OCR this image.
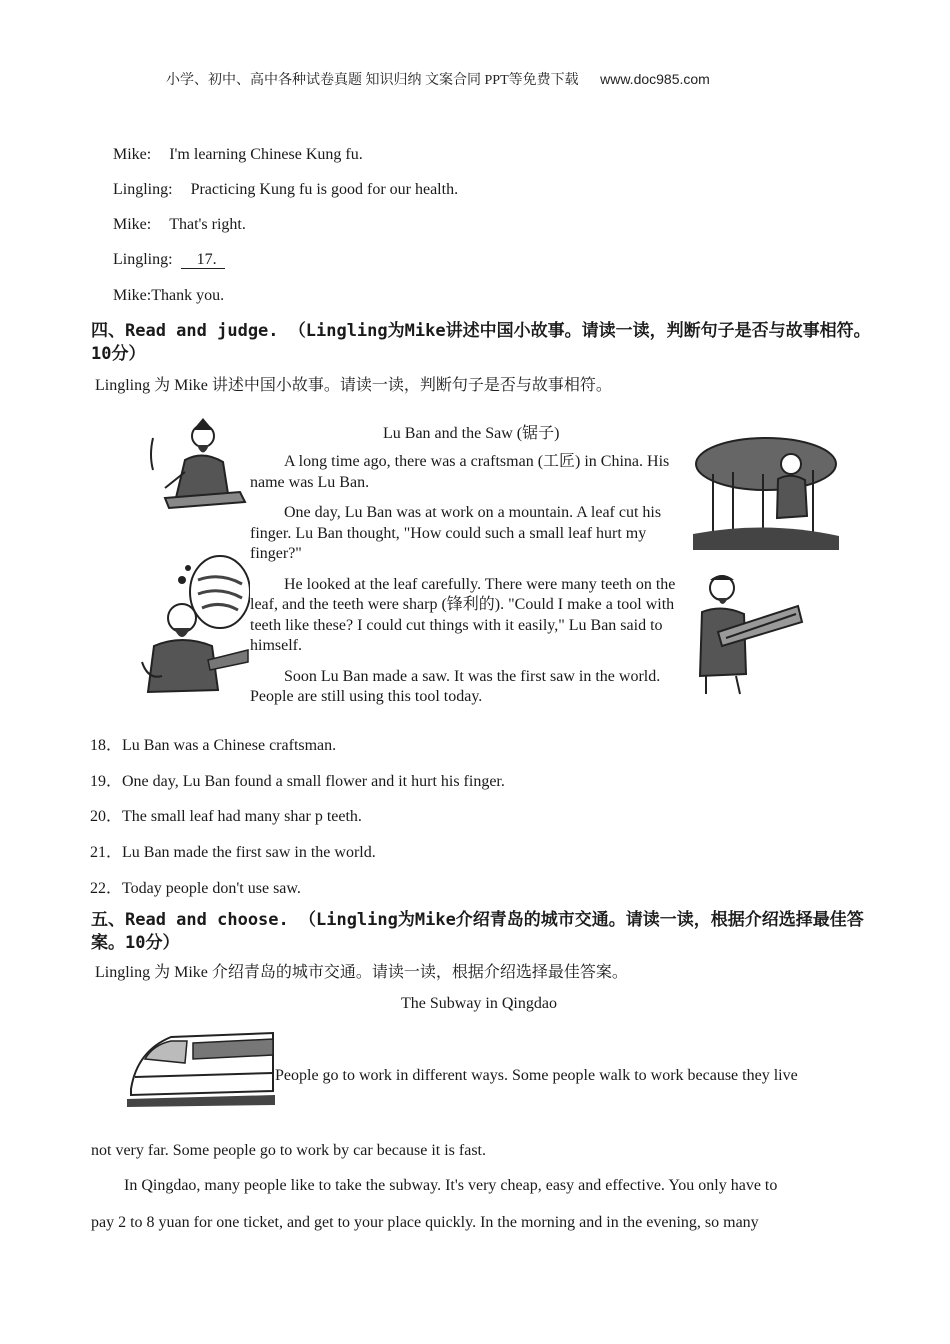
小学、初中、高中各种试卷真题 知识归纳 文案合同 PPT等免费下载 www.doc985.com
Mike: I'm learning Chinese Kung fu.
Lingling: Practicing Kung fu is good for our health.
Mike: That's right.
Lingling: 17.
Mike:Thank you.
四、Read and judge. （Lingling为Mike讲述中国小故事。请读一读，判断句子是否与故事相符。10分）
Lingling 为 Mike 讲述中国小故事。请读一读，判断句子是否与故事相符。
Lu Ban and the Saw (锯子)

A long time ago, there was a craftsman (工匠) in China. His name was Lu Ban.

One day, Lu Ban was at work on a mountain. A leaf cut his finger. Lu Ban thought, "How could such a small leaf hurt my finger?"

He looked at the leaf carefully. There were many teeth on the leaf, and the teeth were sharp (锋利的). "Could I make a tool with teeth like these? I could cut things with it easily," Lu Ban said to himself.

Soon Lu Ban made a saw. It was the first saw in the world. People are still using this tool today.

18．Lu Ban was a Chinese craftsman.
19．One day, Lu Ban found a small flower and it hurt his finger.
20．The small leaf had many shar p teeth.
21．Lu Ban made the first saw in the world.
22．Today people don't use saw.
五、Read and choose. （Lingling为Mike介绍青岛的城市交通。请读一读，根据介绍选择最佳答案。10分）
Lingling 为 Mike 介绍青岛的城市交通。请读一读，根据介绍选择最佳答案。
The Subway in Qingdao
People go to work in different ways. Some people walk to work because they live
not very far. Some people go to work by car because it is fast.
In Qingdao, many people like to take the subway. It's very cheap, easy and effective. You only have to
pay 2 to 8 yuan for one ticket, and get to your place quickly. In the morning and in the evening, so many
